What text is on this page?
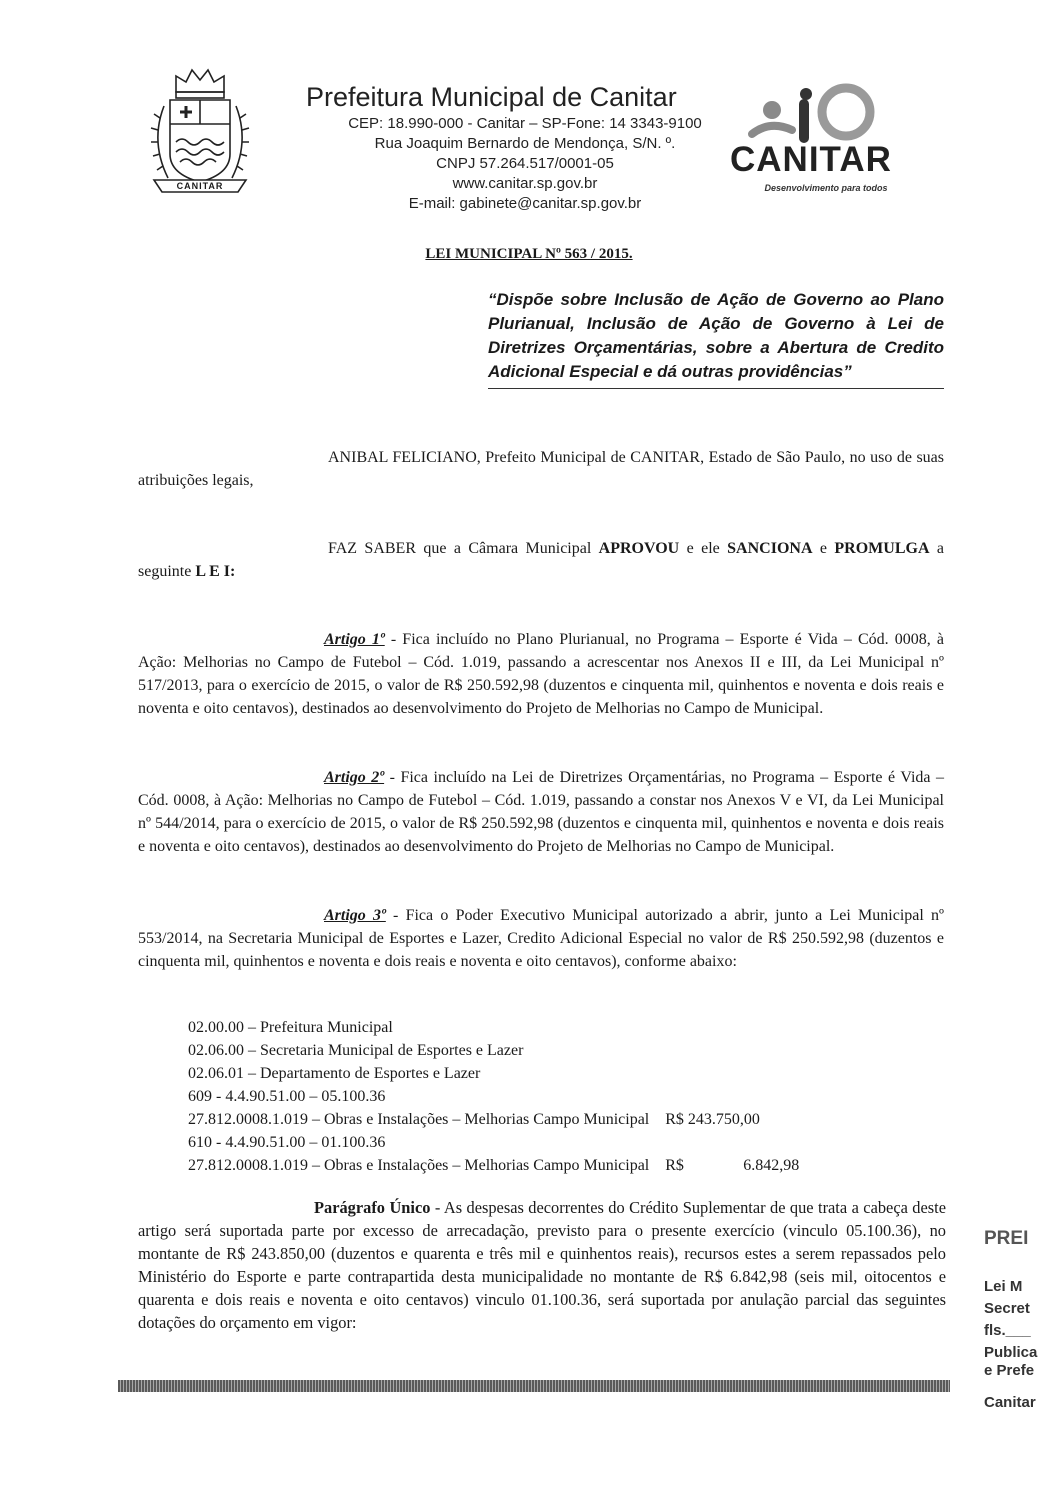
CANITAR
Prefeitura Municipal de Canitar
CEP: 18.990-000 - Canitar – SP-Fone: 14 3343-9100
Rua Joaquim Bernardo de Mendonça, S/N. º.
CNPJ 57.264.517/0001-05
www.canitar.sp.gov.br
E-mail: gabinete@canitar.sp.gov.br
CANITAR
Desenvolvimento para todos
LEI MUNICIPAL Nº 563 / 2015.
“Dispõe sobre Inclusão de Ação de Governo ao Plano Plurianual, Inclusão de Ação de Governo à Lei de Diretrizes Orçamentárias, sobre a Abertura de Credito Adicional Especial e dá outras providências”
ANIBAL FELICIANO, Prefeito Municipal de CANITAR, Estado de São Paulo, no uso de suas atribuições legais,
FAZ SABER que a Câmara Municipal APROVOU e ele SANCIONA e PROMULGA a seguinte L E I:
Artigo 1º - Fica incluído no Plano Plurianual, no Programa – Esporte é Vida – Cód. 0008, à Ação: Melhorias no Campo de Futebol – Cód. 1.019, passando a acrescentar nos Anexos II e III, da Lei Municipal nº 517/2013, para o exercício de 2015, o valor de R$ 250.592,98 (duzentos e cinquenta mil, quinhentos e noventa e dois reais e noventa e oito centavos), destinados ao desenvolvimento do Projeto de Melhorias no Campo de Municipal.
Artigo 2º - Fica incluído na Lei de Diretrizes Orçamentárias, no Programa – Esporte é Vida – Cód. 0008, à Ação: Melhorias no Campo de Futebol – Cód. 1.019, passando a constar nos Anexos V e VI, da Lei Municipal nº 544/2014, para o exercício de 2015, o valor de R$ 250.592,98 (duzentos e cinquenta mil, quinhentos e noventa e dois reais e noventa e oito centavos), destinados ao desenvolvimento do Projeto de Melhorias no Campo de Municipal.
Artigo 3º - Fica o Poder Executivo Municipal autorizado a abrir, junto a Lei Municipal nº 553/2014, na Secretaria Municipal de Esportes e Lazer, Credito Adicional Especial no valor de R$ 250.592,98 (duzentos e cinquenta mil, quinhentos e noventa e dois reais e noventa e oito centavos), conforme abaixo:
02.00.00 – Prefeitura Municipal
02.06.00 – Secretaria Municipal de Esportes e Lazer
02.06.01 – Departamento de Esportes e Lazer
609 - 4.4.90.51.00 – 05.100.36
27.812.0008.1.019 – Obras e Instalações – Melhorias Campo Municipal R$
243.750,00
610 - 4.4.90.51.00 – 01.100.36
27.812.0008.1.019 – Obras e Instalações – Melhorias Campo Municipal R$	6.842,98
Parágrafo Único - As despesas decorrentes do Crédito Suplementar de que trata a cabeça deste artigo será suportada parte por excesso de arrecadação, previsto para o presente exercício (vinculo 05.100.36), no montante de R$ 243.850,00 (duzentos e quarenta e três mil e quinhentos reais), recursos estes a serem repassados pelo Ministério do Esporte e parte contrapartida desta municipalidade no montante de R$ 6.842,98 (seis mil, oitocentos e quarenta e dois reais e noventa e oito centavos) vinculo 01.100.36, será suportada por anulação parcial das seguintes dotações do orçamento em vigor:
PREI
Lei M
Secret
fls.___
Publica
e Prefe
Canitar
